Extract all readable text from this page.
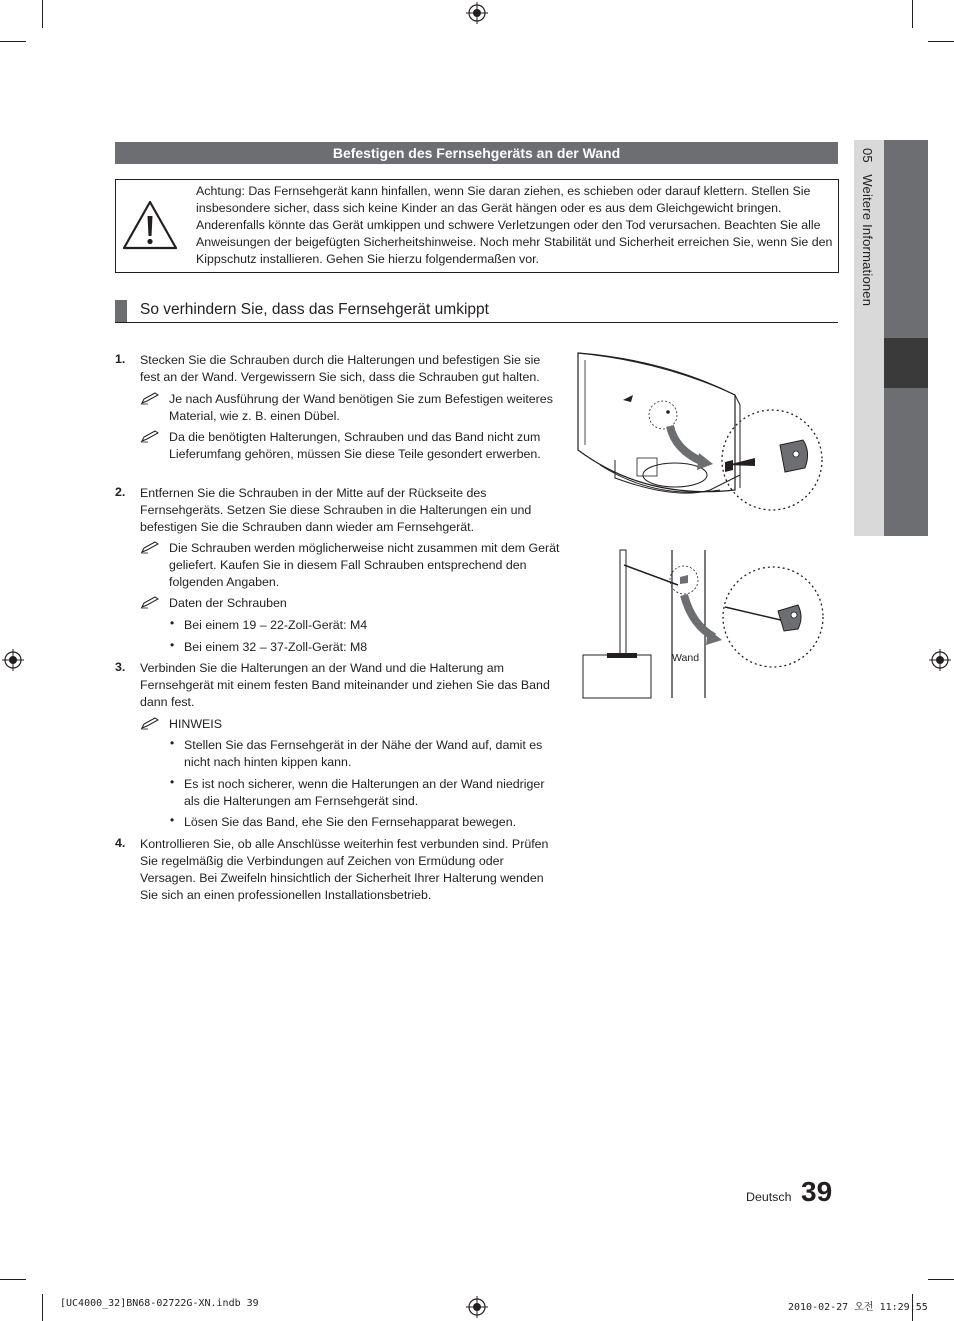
Befestigen des Fernsehgeräts an der Wand
Achtung: Das Fernsehgerät kann hinfallen, wenn Sie daran ziehen, es schieben oder darauf klettern. Stellen Sie insbesondere sicher, dass sich keine Kinder an das Gerät hängen oder es aus dem Gleichgewicht bringen. Anderenfalls könnte das Gerät umkippen und schwere Verletzungen oder den Tod verursachen. Beachten Sie alle Anweisungen der beigefügten Sicherheitshinweise. Noch mehr Stabilität und Sicherheit erreichen Sie, wenn Sie den Kippschutz installieren. Gehen Sie hierzu folgendermaßen vor.
So verhindern Sie, dass das Fernsehgerät umkippt
1. Stecken Sie die Schrauben durch die Halterungen und befestigen Sie sie fest an der Wand. Vergewissern Sie sich, dass die Schrauben gut halten.
Je nach Ausführung der Wand benötigen Sie zum Befestigen weiteres Material, wie z. B. einen Dübel.
Da die benötigten Halterungen, Schrauben und das Band nicht zum Lieferumfang gehören, müssen Sie diese Teile gesondert erwerben.
2. Entfernen Sie die Schrauben in der Mitte auf der Rückseite des Fernsehgeräts. Setzen Sie diese Schrauben in die Halterungen ein und befestigen Sie die Schrauben dann wieder am Fernsehgerät.
Die Schrauben werden möglicherweise nicht zusammen mit dem Gerät geliefert. Kaufen Sie in diesem Fall Schrauben entsprechend den folgenden Angaben.
Daten der Schrauben
• Bei einem 19 – 22-Zoll-Gerät: M4
• Bei einem 32 – 37-Zoll-Gerät: M8
3. Verbinden Sie die Halterungen an der Wand und die Halterung am Fernsehgerät mit einem festen Band miteinander und ziehen Sie das Band dann fest.
HINWEIS
• Stellen Sie das Fernsehgerät in der Nähe der Wand auf, damit es nicht nach hinten kippen kann.
• Es ist noch sicherer, wenn die Halterungen an der Wand niedriger als die Halterungen am Fernsehgerät sind.
• Lösen Sie das Band, ehe Sie den Fernsehapparat bewegen.
4. Kontrollieren Sie, ob alle Anschlüsse weiterhin fest verbunden sind. Prüfen Sie regelmäßig die Verbindungen auf Zeichen von Ermüdung oder Versagen. Bei Zweifeln hinsichtlich der Sicherheit Ihrer Halterung wenden Sie sich an einen professionellen Installationsbetrieb.
Wand
05   Weitere Informationen
Deutsch 39
[UC4000_32]BN68-02722G-XN.indb 39	2010-02-27 오전 11:29:55
